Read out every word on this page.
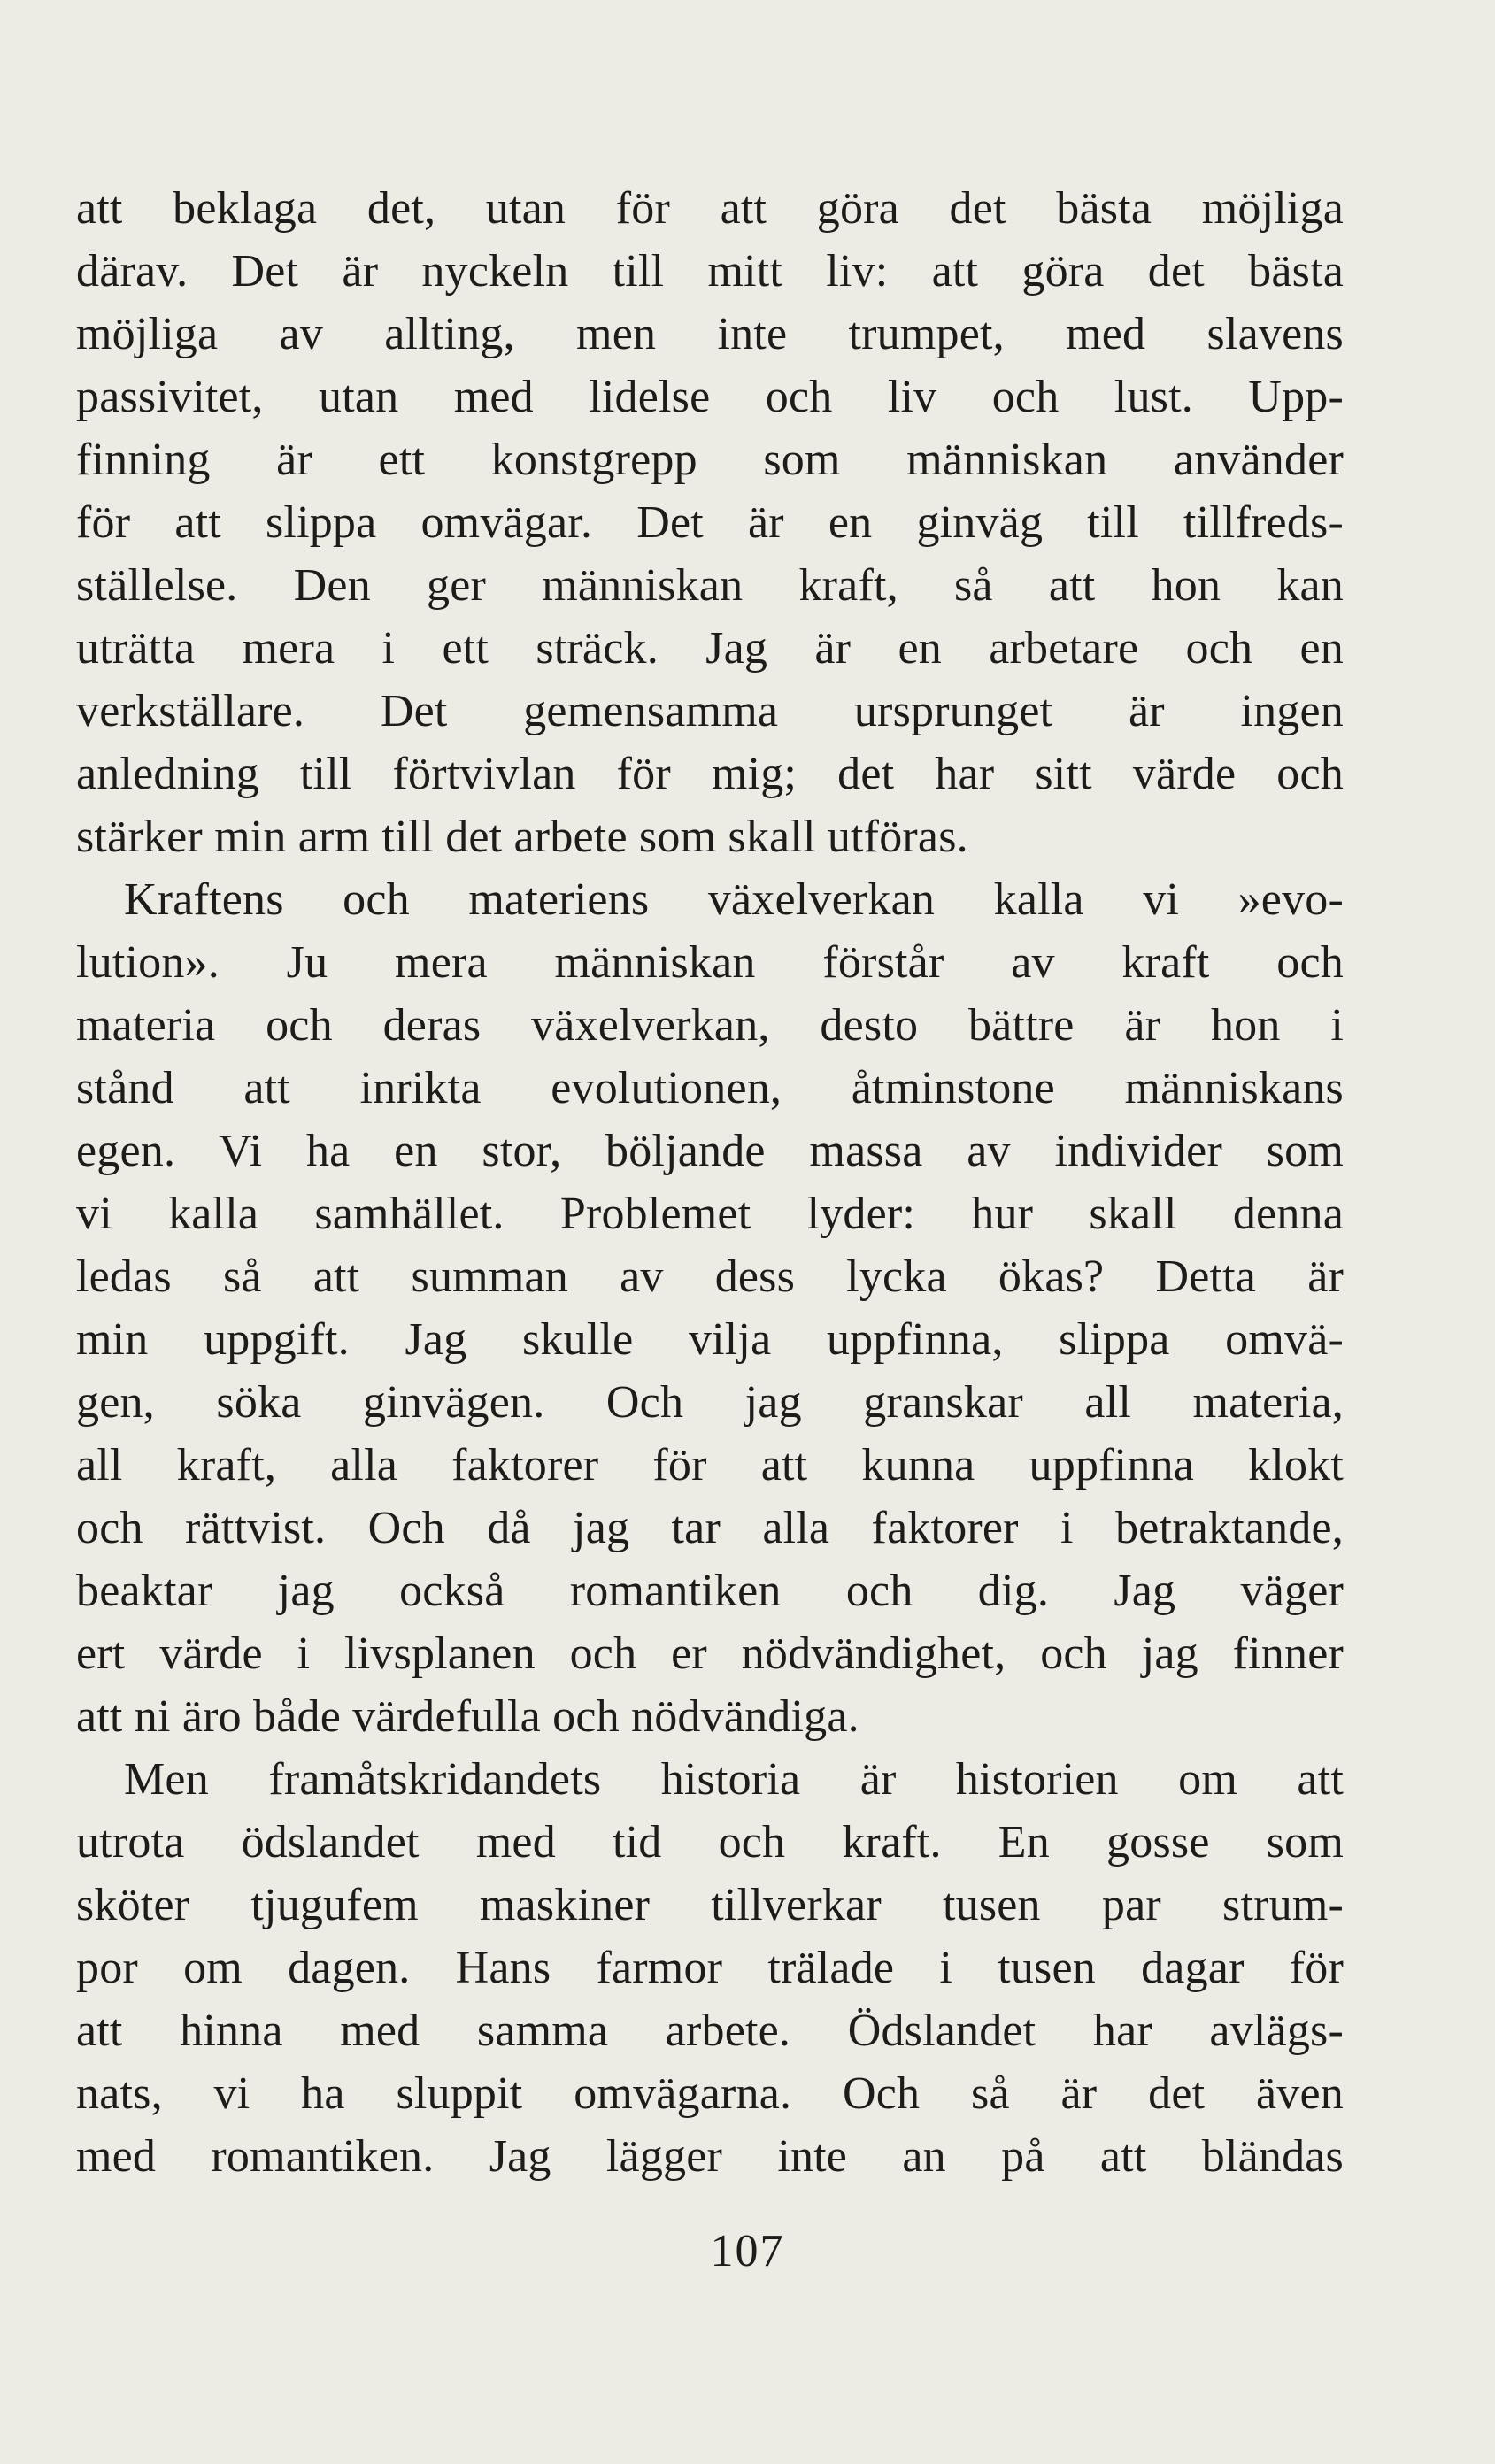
att beklaga det, utan för att göra det bästa möjliga
därav. Det är nyckeln till mitt liv: att göra det bästa
möjliga av allting, men inte trumpet, med slavens
passivitet, utan med lidelse och liv och lust. Upp-
finning är ett konstgrepp som människan använder
för att slippa omvägar. Det är en ginväg till tillfreds-
ställelse. Den ger människan kraft, så att hon kan
uträtta mera i ett sträck. Jag är en arbetare och en
verkställare. Det gemensamma ursprunget är ingen
anledning till förtvivlan för mig; det har sitt värde och
stärker min arm till det arbete som skall utföras.
Kraftens och materiens växelverkan kalla vi »evo-
lution». Ju mera människan förstår av kraft och
materia och deras växelverkan, desto bättre är hon i
stånd att inrikta evolutionen, åtminstone människans
egen. Vi ha en stor, böljande massa av individer som
vi kalla samhället. Problemet lyder: hur skall denna
ledas så att summan av dess lycka ökas? Detta är
min uppgift. Jag skulle vilja uppfinna, slippa omvä-
gen, söka ginvägen. Och jag granskar all materia,
all kraft, alla faktorer för att kunna uppfinna klokt
och rättvist. Och då jag tar alla faktorer i betraktande,
beaktar jag också romantiken och dig. Jag väger
ert värde i livsplanen och er nödvändighet, och jag finner
att ni äro både värdefulla och nödvändiga.
Men framåtskridandets historia är historien om att
utrota ödslandet med tid och kraft. En gosse som
sköter tjugufem maskiner tillverkar tusen par strum-
por om dagen. Hans farmor trälade i tusen dagar för
att hinna med samma arbete. Ödslandet har avlägs-
nats, vi ha sluppit omvägarna. Och så är det även
med romantiken. Jag lägger inte an på att bländas
107
